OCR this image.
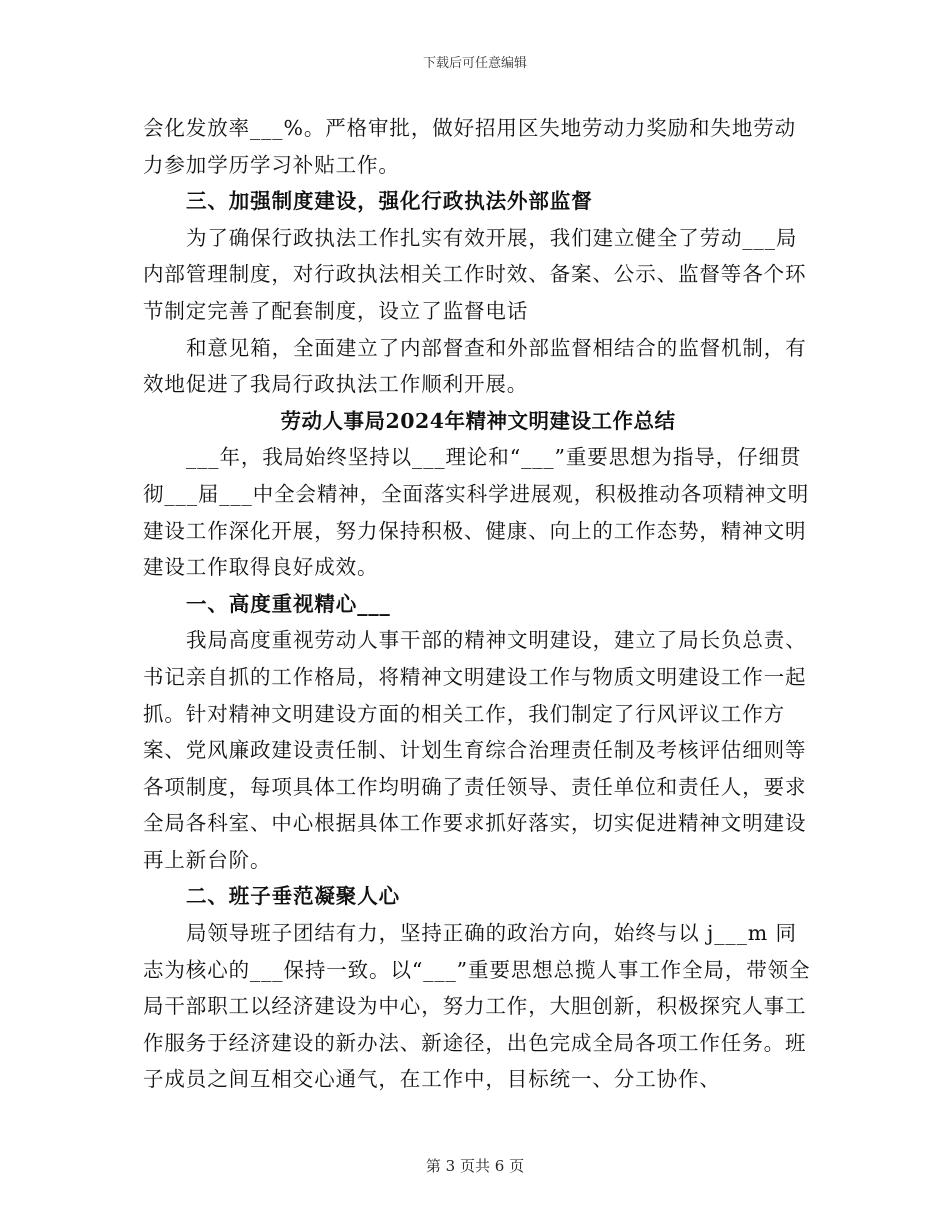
下载后可任意编辑

会化发放率___%。严格审批，做好招用区失地劳动力奖励和失地劳动力参加学历学习补贴工作。

三、加强制度建设，强化行政执法外部监督

为了确保行政执法工作扎实有效开展，我们建立健全了劳动___局内部管理制度，对行政执法相关工作时效、备案、公示、监督等各个环节制定完善了配套制度，设立了监督电话

和意见箱，全面建立了内部督查和外部监督相结合的监督机制，有效地促进了我局行政执法工作顺利开展。

劳动人事局2024年精神文明建设工作总结

___年，我局始终坚持以___理论和“___”重要思想为指导，仔细贯彻___届___中全会精神，全面落实科学进展观，积极推动各项精神文明建设工作深化开展，努力保持积极、健康、向上的工作态势，精神文明建设工作取得良好成效。

一、高度重视精心___

我局高度重视劳动人事干部的精神文明建设，建立了局长负总责、书记亲自抓的工作格局，将精神文明建设工作与物质文明建设工作一起抓。针对精神文明建设方面的相关工作，我们制定了行风评议工作方案、党风廉政建设责任制、计划生育综合治理责任制及考核评估细则等各项制度，每项具体工作均明确了责任领导、责任单位和责任人，要求全局各科室、中心根据具体工作要求抓好落实，切实促进精神文明建设再上新台阶。

二、班子垂范凝聚人心

局领导班子团结有力，坚持正确的政治方向，始终与以 j___m 同志为核心的___保持一致。以“___”重要思想总揽人事工作全局，带领全局干部职工以经济建设为中心，努力工作，大胆创新，积极探究人事工作服务于经济建设的新办法、新途径，出色完成全局各项工作任务。班子成员之间互相交心通气，在工作中，目标统一、分工协作、

第 3 页共 6 页
